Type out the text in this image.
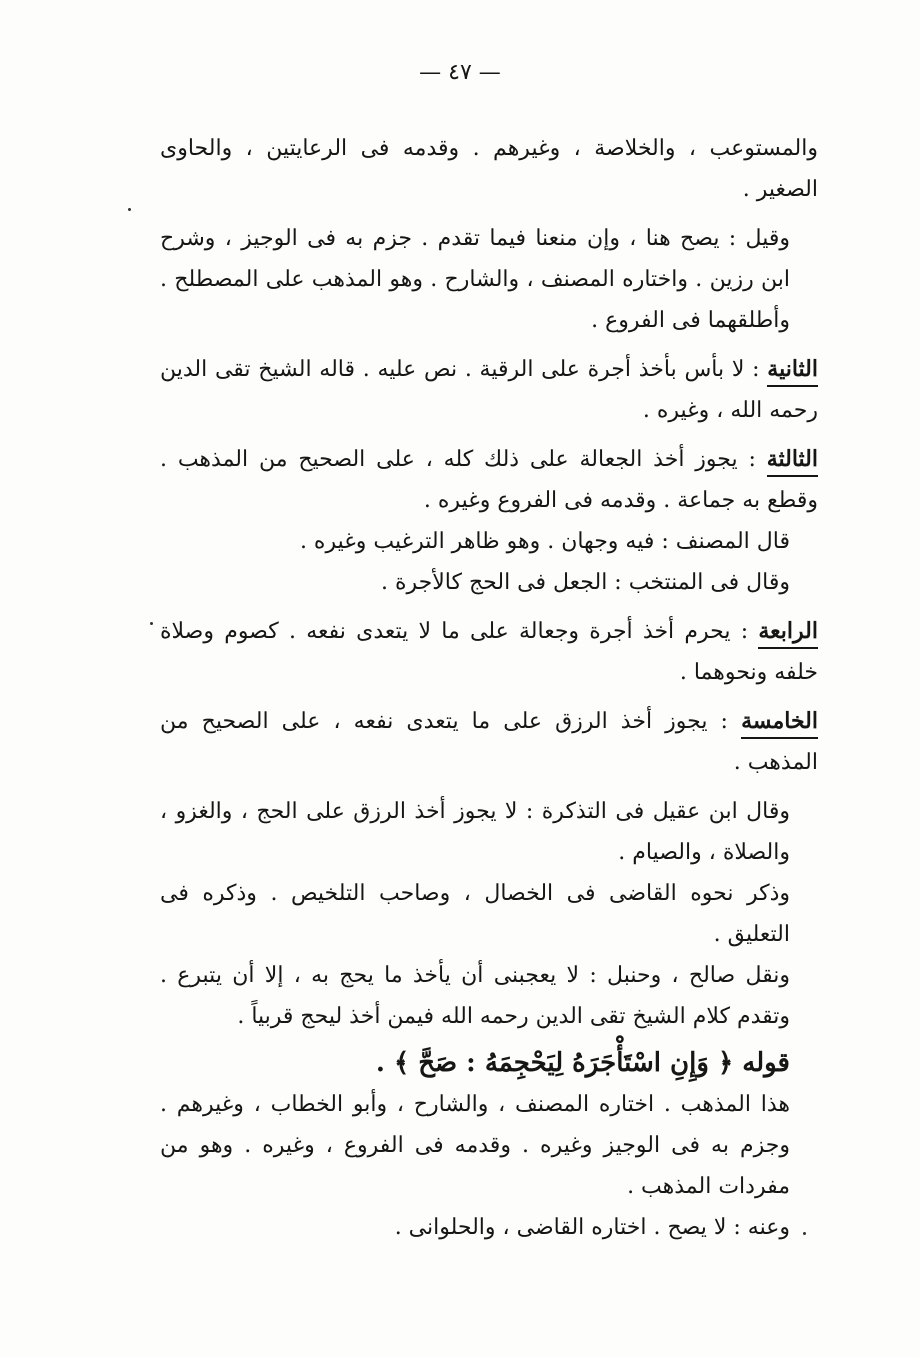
— ٤٧ —

والمستوعب ، والخلاصة ، وغيرهم . وقدمه فى الرعايتين ، والحاوى الصغير .

وقيل : يصح هنا ، وإن منعنا فيما تقدم . جزم به فى الوجيز ، وشرح ابن رزين . واختاره المصنف ، والشارح . وهو المذهب على المصطلح . وأطلقهما فى الفروع .

الثانية : لا بأس بأخذ أجرة على الرقية . نص عليه . قاله الشيخ تقى الدين رحمه الله ، وغيره .

الثالثة : يجوز أخذ الجعالة على ذلك كله ، على الصحيح من المذهب . وقطع به جماعة . وقدمه فى الفروع وغيره .

قال المصنف : فيه وجهان . وهو ظاهر الترغيب وغيره .

وقال فى المنتخب : الجعل فى الحج كالأجرة .

الرابعة : يحرم أخذ أجرة وجعالة على ما لا يتعدى نفعه . كصوم وصلاة خلفه ونحوهما .

الخامسة : يجوز أخذ الرزق على ما يتعدى نفعه ، على الصحيح من المذهب .

وقال ابن عقيل فى التذكرة : لا يجوز أخذ الرزق على الحج ، والغزو ، والصلاة ، والصيام .

وذكر نحوه القاضى فى الخصال ، وصاحب التلخيص . وذكره فى التعليق .

ونقل صالح ، وحنبل : لا يعجبنى أن يأخذ ما يحج به ، إلا أن يتبرع . وتقدم كلام الشيخ تقى الدين رحمه الله فيمن أخذ ليحج قربياً .

قوله ﴿ وَإِنِ اسْتَأْجَرَهُ لِيَحْجِمَهُ : صَحَّ ﴾ .

هذا المذهب . اختاره المصنف ، والشارح ، وأبو الخطاب ، وغيرهم . وجزم به فى الوجيز وغيره . وقدمه فى الفروع ، وغيره . وهو من مفردات المذهب .

وعنه : لا يصح . اختاره القاضى ، والحلوانى .
